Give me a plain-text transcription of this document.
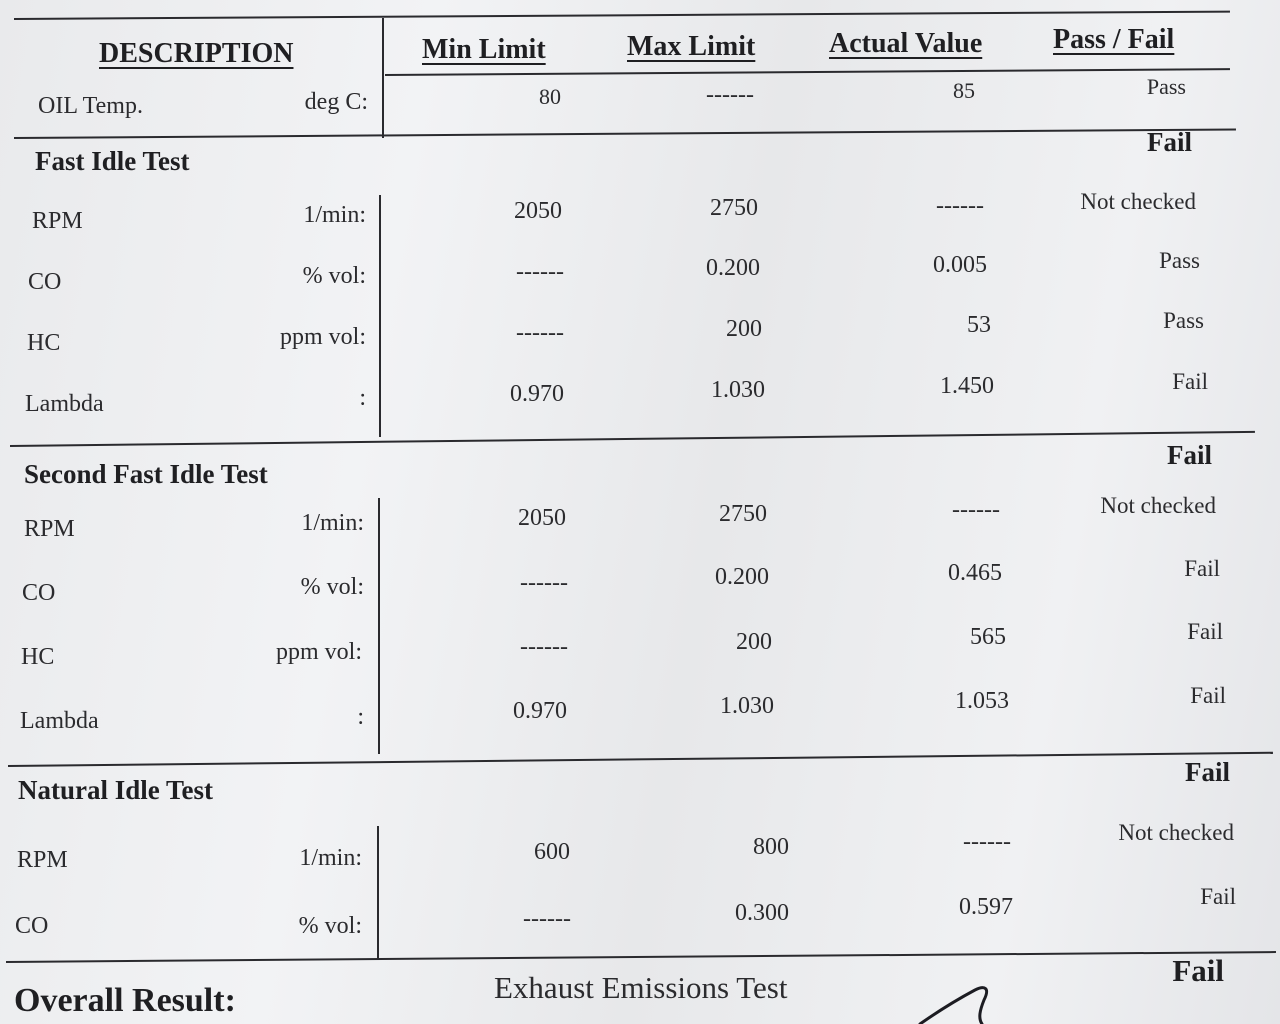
DESCRIPTION	Min Limit	Max Limit	Actual Value	Pass / Fail
OIL Temp.	deg C:	80	------	85	Pass
Fast Idle Test
Fail
RPM	1/min:	2050	2750	------	Not checked
CO	% vol:	------	0.200	0.005	Pass
HC	ppm vol:	------	200	53	Pass
Lambda	:	0.970	1.030	1.450	Fail
Second Fast Idle Test
Fail
RPM	1/min:	2050	2750	------	Not checked
CO	% vol:	------	0.200	0.465	Fail
HC	ppm vol:	------	200	565	Fail
Lambda	:	0.970	1.030	1.053	Fail
Natural Idle Test
Fail
RPM	1/min:	600	800	------	Not checked
CO	% vol:	------	0.300	0.597	Fail
Overall Result:	Exhaust Emissions Test	Fail
